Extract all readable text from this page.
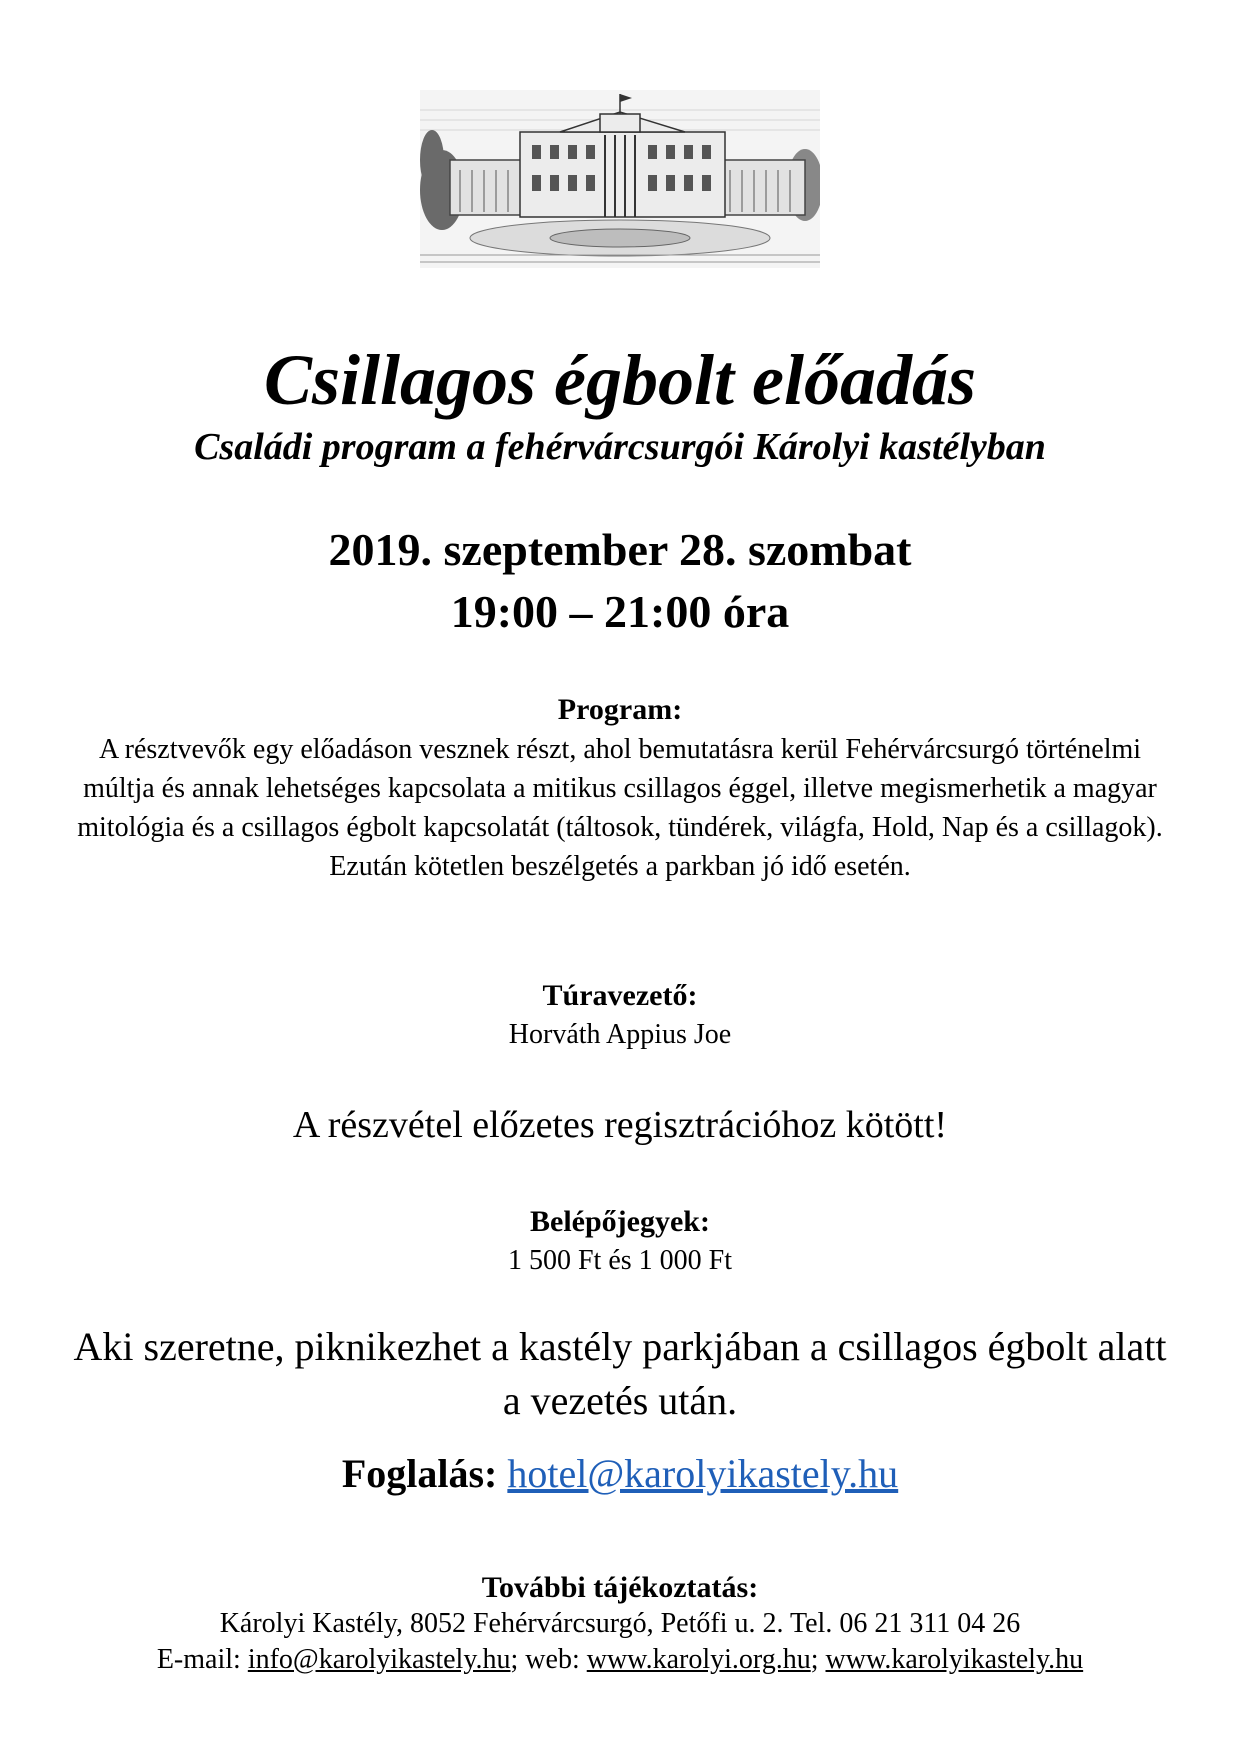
Csillagos égbolt előadás
Családi program a fehérvárcsurgói Károlyi kastélyban
2019. szeptember 28. szombat
19:00 – 21:00 óra
Program:
A résztvevők egy előadáson vesznek részt, ahol bemutatásra kerül Fehérvárcsurgó történelmi múltja és annak lehetséges kapcsolata a mitikus csillagos éggel, illetve megismerhetik a magyar mitológia és a csillagos égbolt kapcsolatát (táltosok, tündérek, világfa, Hold, Nap és a csillagok). Ezután kötetlen beszélgetés a parkban jó idő esetén.
Túravezető:
Horváth Appius Joe
A részvétel előzetes regisztrációhoz kötött!
Belépőjegyek:
1 500 Ft és 1 000 Ft
Aki szeretne, piknikezhet a kastély parkjában a csillagos égbolt alatt a vezetés után.
Foglalás: hotel@karolyikastely.hu
További tájékoztatás:
Károlyi Kastély, 8052 Fehérvárcsurgó, Petőfi u. 2. Tel. 06 21 311 04 26
E-mail: info@karolyikastely.hu; web: www.karolyi.org.hu; www.karolyikastely.hu
